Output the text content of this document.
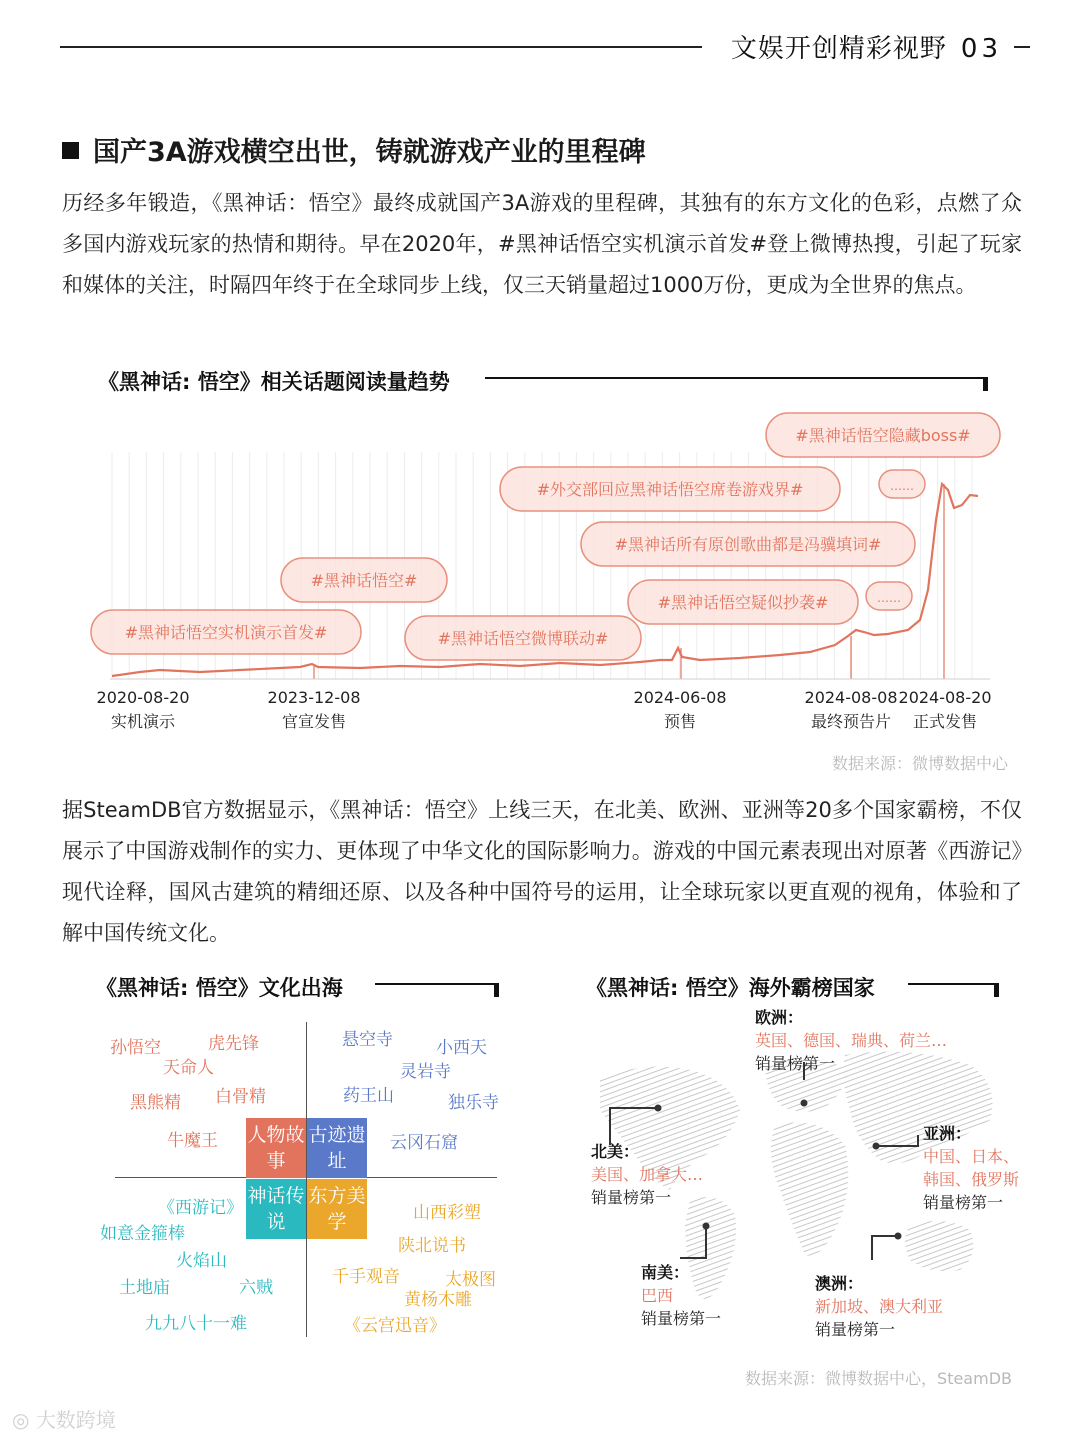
文娱开创精彩视野 03
国产3A游戏横空出世，铸就游戏产业的里程碑
历经多年锻造，《黑神话：悟空》最终成就国产3A游戏的里程碑，其独有的东方文化的色彩，点燃了众多国内游戏玩家的热情和期待。早在2020年，#黑神话悟空实机演示首发#登上微博热搜，引起了玩家和媒体的关注，时隔四年终于在全球同步上线，仅三天销量超过1000万份，更成为全世界的焦点。
《黑神话: 悟空》相关话题阅读量趋势
#黑神话悟空隐藏boss#
……
#外交部回应黑神话悟空席卷游戏界#
#黑神话所有原创歌曲都是冯骥填词#
#黑神话悟空#
#黑神话悟空疑似抄袭#	……
#黑神话悟空实机演示首发#	#黑神话悟空微博联动#
2020-08-20
实机演示
2023-12-08
官宣发售
2024-06-08
预售
2024-08-08
最终预告片
2024-08-20
正式发售
数据来源：微博数据中心
据SteamDB官方数据显示，《黑神话：悟空》上线三天，在北美、欧洲、亚洲等20多个国家霸榜，不仅展示了中国游戏制作的实力、更体现了中华文化的国际影响力。游戏的中国元素表现出对原著《西游记》现代诠释，国风古建筑的精细还原、以及各种中国符号的运用，让全球玩家以更直观的视角，体验和了解中国传统文化。
《黑神话: 悟空》文化出海
人物故事
古迹遗址
神话传说
东方美学
孙悟空	虎先锋
天命人
黑熊精 白骨精
牛魔王
悬空寺	小西天
灵岩寺
药王山	独乐寺
云冈石窟
《西游记》
如意金箍棒
火焰山
土地庙	六贼
九九八十一难
山西彩塑
陕北说书
千手观音	太极图
黄杨木雕
《云宫迅音》
《黑神话: 悟空》海外霸榜国家
欧洲：
英国、德国、瑞典、荷兰…
销量榜第一
北美：
美国、加拿大…
销量榜第一
亚洲：
中国、日本、
韩国、俄罗斯
销量榜第一
南美：
巴西
销量榜第一
澳洲：
新加坡、澳大利亚
销量榜第一
数据来源：微博数据中心，SteamDB
◎ 大数跨境
